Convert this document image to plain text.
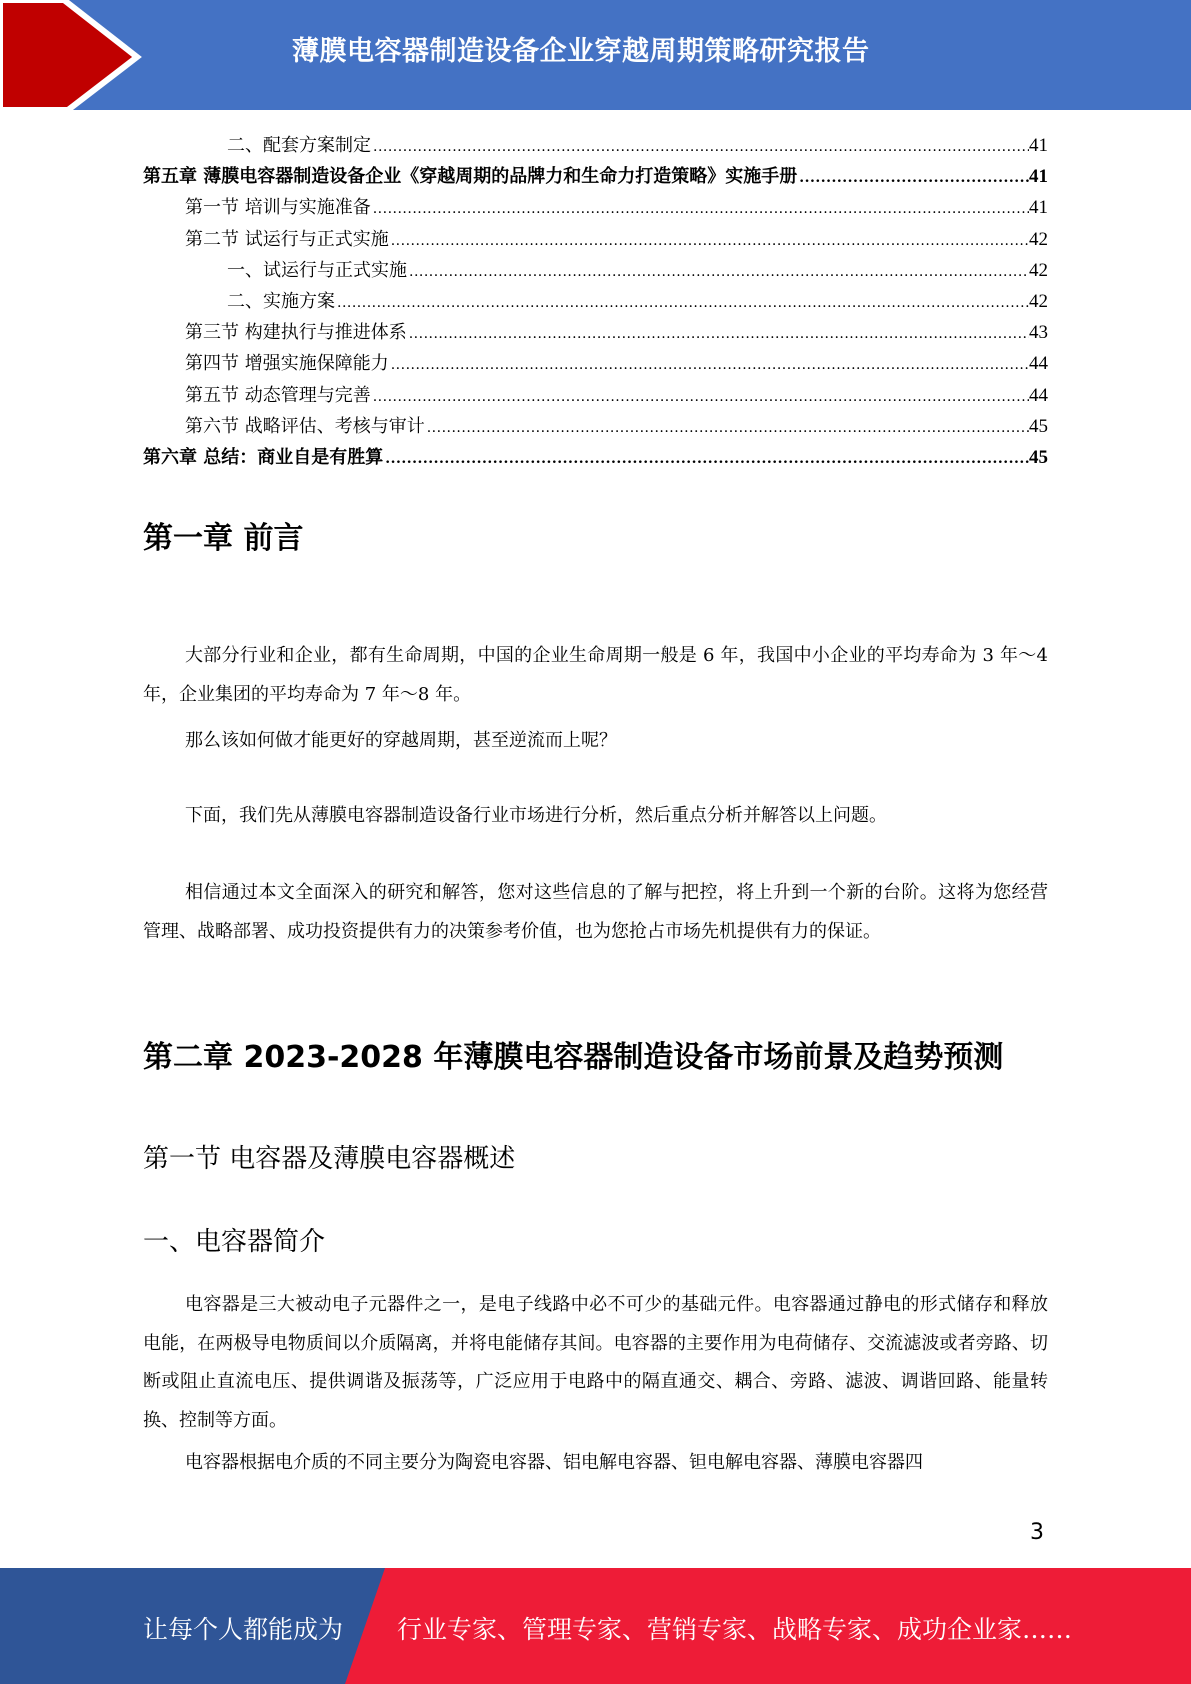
薄膜电容器制造设备企业穿越周期策略研究报告
二、配套方案制定 .....	41
第五章 薄膜电容器制造设备企业《穿越周期的品牌力和生命力打造策略》实施手册 .....	41
第一节 培训与实施准备 .....	41
第二节 试运行与正式实施 .....	42
一、试运行与正式实施 .....	42
二、实施方案 .....	42
第三节 构建执行与推进体系 .....	43
第四节 增强实施保障能力 .....	44
第五节 动态管理与完善 .....	44
第六节 战略评估、考核与审计 .....	45
第六章 总结：商业自是有胜算 .....	45
第一章 前言
大部分行业和企业，都有生命周期，中国的企业生命周期一般是 6 年，我国中小企业的平均寿命为 3 年～4 年，企业集团的平均寿命为 7 年～8 年。
那么该如何做才能更好的穿越周期，甚至逆流而上呢？
下面，我们先从薄膜电容器制造设备行业市场进行分析，然后重点分析并解答以上问题。
相信通过本文全面深入的研究和解答，您对这些信息的了解与把控，将上升到一个新的台阶。这将为您经营管理、战略部署、成功投资提供有力的决策参考价值，也为您抢占市场先机提供有力的保证。
第二章 2023-2028 年薄膜电容器制造设备市场前景及趋势预测
第一节 电容器及薄膜电容器概述
一、电容器简介
电容器是三大被动电子元器件之一，是电子线路中必不可少的基础元件。电容器通过静电的形式储存和释放电能，在两极导电物质间以介质隔离，并将电能储存其间。电容器的主要作用为电荷储存、交流滤波或者旁路、切断或阻止直流电压、提供调谐及振荡等，广泛应用于电路中的隔直通交、耦合、旁路、滤波、调谐回路、能量转换、控制等方面。
电容器根据电介质的不同主要分为陶瓷电容器、铝电解电容器、钽电解电容器、薄膜电容器四
3
让每个人都能成为 行业专家、管理专家、营销专家、战略专家、成功企业家……
